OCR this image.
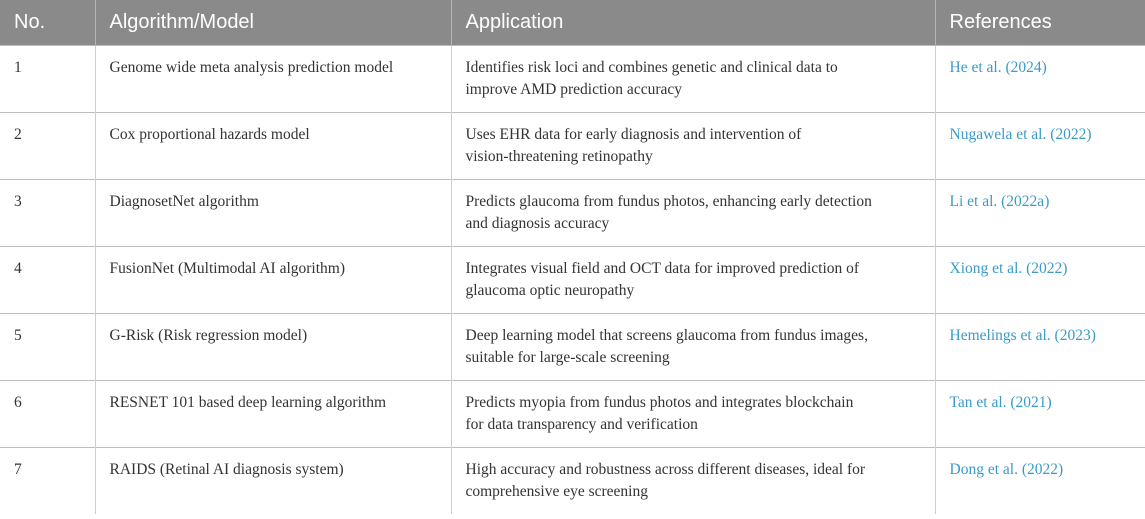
No.	Algorithm/Model	Application	References
1	Genome wide meta analysis prediction model	Identifies risk loci and combines genetic and clinical data to
improve AMD prediction accuracy	He et al. (2024)
2	Cox proportional hazards model	Uses EHR data for early diagnosis and intervention of
vision-threatening retinopathy	Nugawela et al. (2022)
3	DiagnosetNet algorithm	Predicts glaucoma from fundus photos, enhancing early detection
and diagnosis accuracy	Li et al. (2022a)
4	FusionNet (Multimodal AI algorithm)	Integrates visual field and OCT data for improved prediction of
glaucoma optic neuropathy	Xiong et al. (2022)
5	G-Risk (Risk regression model)	Deep learning model that screens glaucoma from fundus images,
suitable for large-scale screening	Hemelings et al. (2023)
6	RESNET 101 based deep learning algorithm	Predicts myopia from fundus photos and integrates blockchain
for data transparency and verification	Tan et al. (2021)
7	RAIDS (Retinal AI diagnosis system)	High accuracy and robustness across different diseases, ideal for
comprehensive eye screening	Dong et al. (2022)
